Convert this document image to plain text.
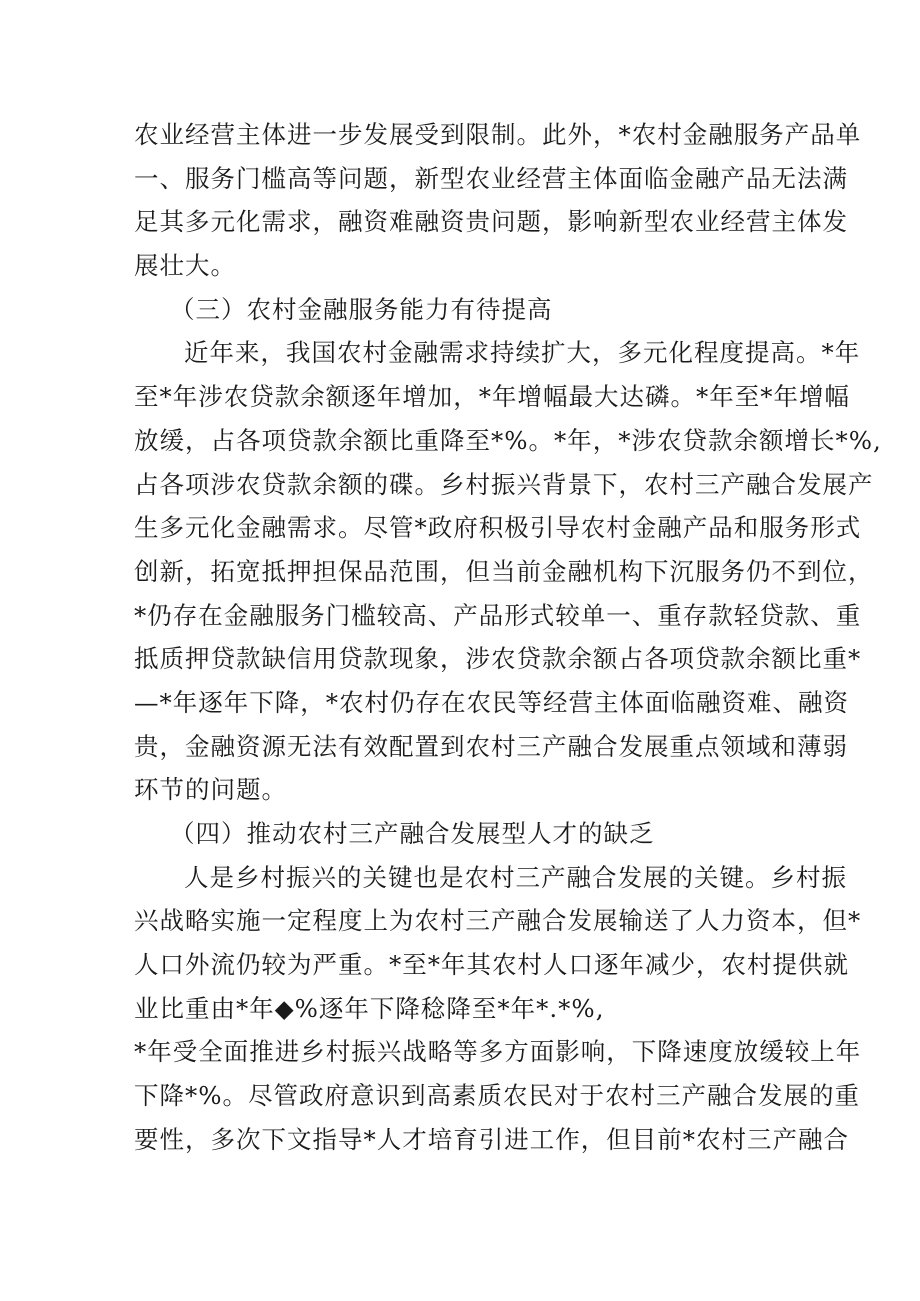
农业经营主体进一步发展受到限制。此外，*农村金融服务产品单
一、服务门槛高等问题，新型农业经营主体面临金融产品无法满
足其多元化需求，融资难融资贵问题，影响新型农业经营主体发
展壮大。
（三）农村金融服务能力有待提高
近年来，我国农村金融需求持续扩大，多元化程度提高。*年
至*年涉农贷款余额逐年增加，*年增幅最大达磷。*年至*年增幅
放缓，占各项贷款余额比重降至*%。*年，*涉农贷款余额增长*%,
占各项涉农贷款余额的碟。乡村振兴背景下，农村三产融合发展产
生多元化金融需求。尽管*政府积极引导农村金融产品和服务形式
创新，拓宽抵押担保品范围，但当前金融机构下沉服务仍不到位，
*仍存在金融服务门槛较高、产品形式较单一、重存款轻贷款、重
抵质押贷款缺信用贷款现象，涉农贷款余额占各项贷款余额比重*
—*年逐年下降，*农村仍存在农民等经营主体面临融资难、融资
贵，金融资源无法有效配置到农村三产融合发展重点领域和薄弱
环节的问题。
（四）推动农村三产融合发展型人才的缺乏
人是乡村振兴的关键也是农村三产融合发展的关键。乡村振
兴战略实施一定程度上为农村三产融合发展输送了人力资本，但*
人口外流仍较为严重。*至*年其农村人口逐年减少，农村提供就
业比重由*年◆%逐年下降稔降至*年*.*%,
*年受全面推进乡村振兴战略等多方面影响，下降速度放缓较上年
下降*%。尽管政府意识到高素质农民对于农村三产融合发展的重
要性，多次下文指导*人才培育引进工作，但目前*农村三产融合
